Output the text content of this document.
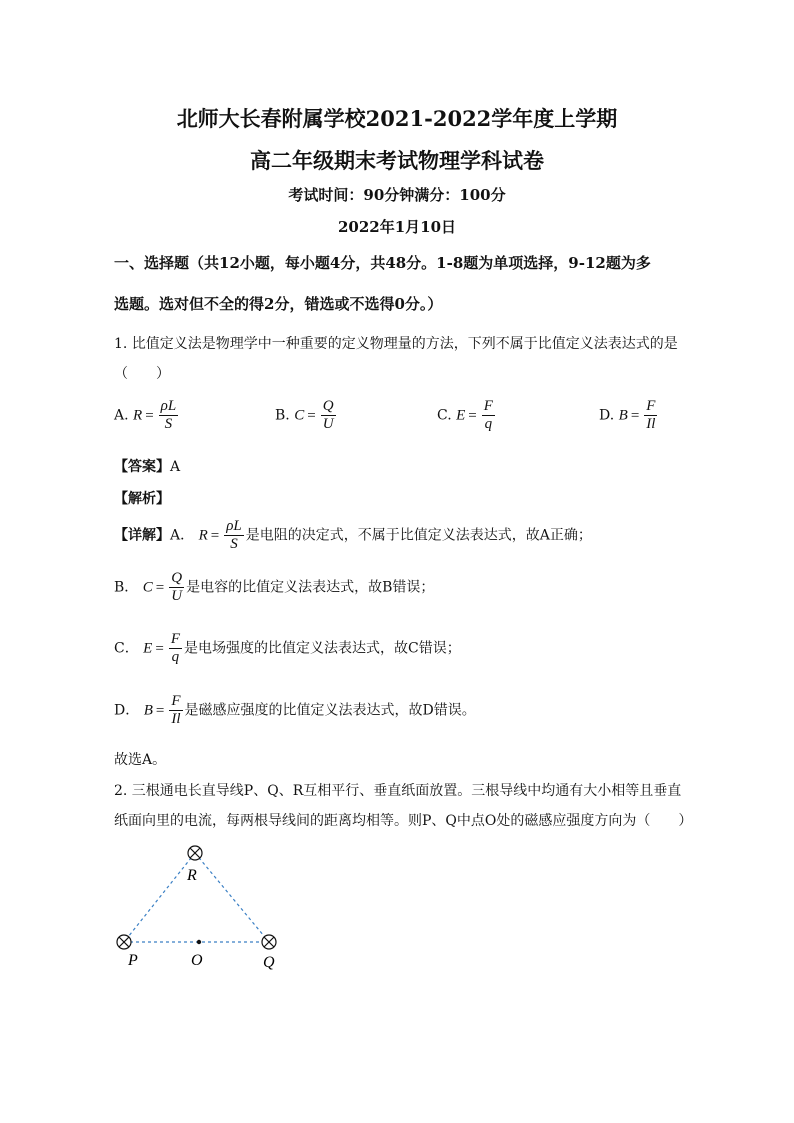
北师大长春附属学校2021-2022学年度上学期
高二年级期末考试物理学科试卷
考试时间：90分钟满分：100分
2022年1月10日
一、选择题（共12小题，每小题4分，共48分。1-8题为单项选择，9-12题为多
选题。选对但不全的得2分，错选或不选得0分。）
1. 比值定义法是物理学中一种重要的定义物理量的方法，下列不属于比值定义法表达式的是
（　　）
A. $R = \frac{\rho L}{S}$	B. $C = \frac{Q}{U}$	C. $E = \frac{F}{q}$	D. $B = \frac{F}{Il}$
【答案】A
【解析】
【详解】A． $R = \frac{\rho L}{S}$ 是电阻的决定式，不属于比值定义法表达式，故A正确；
B． $C = \frac{Q}{U}$ 是电容的比值定义法表达式，故B错误；
C． $E = \frac{F}{q}$ 是电场强度的比值定义法表达式，故C错误；
D． $B = \frac{F}{Il}$ 是磁感应强度的比值定义法表达式，故D错误。
故选A。
2. 三根通电长直导线P、Q、R互相平行、垂直纸面放置。三根导线中均通有大小相等且垂直
纸面向里的电流，每两根导线间的距离均相等。则P、Q中点O处的磁感应强度方向为（　　）
R
P	O	Q
